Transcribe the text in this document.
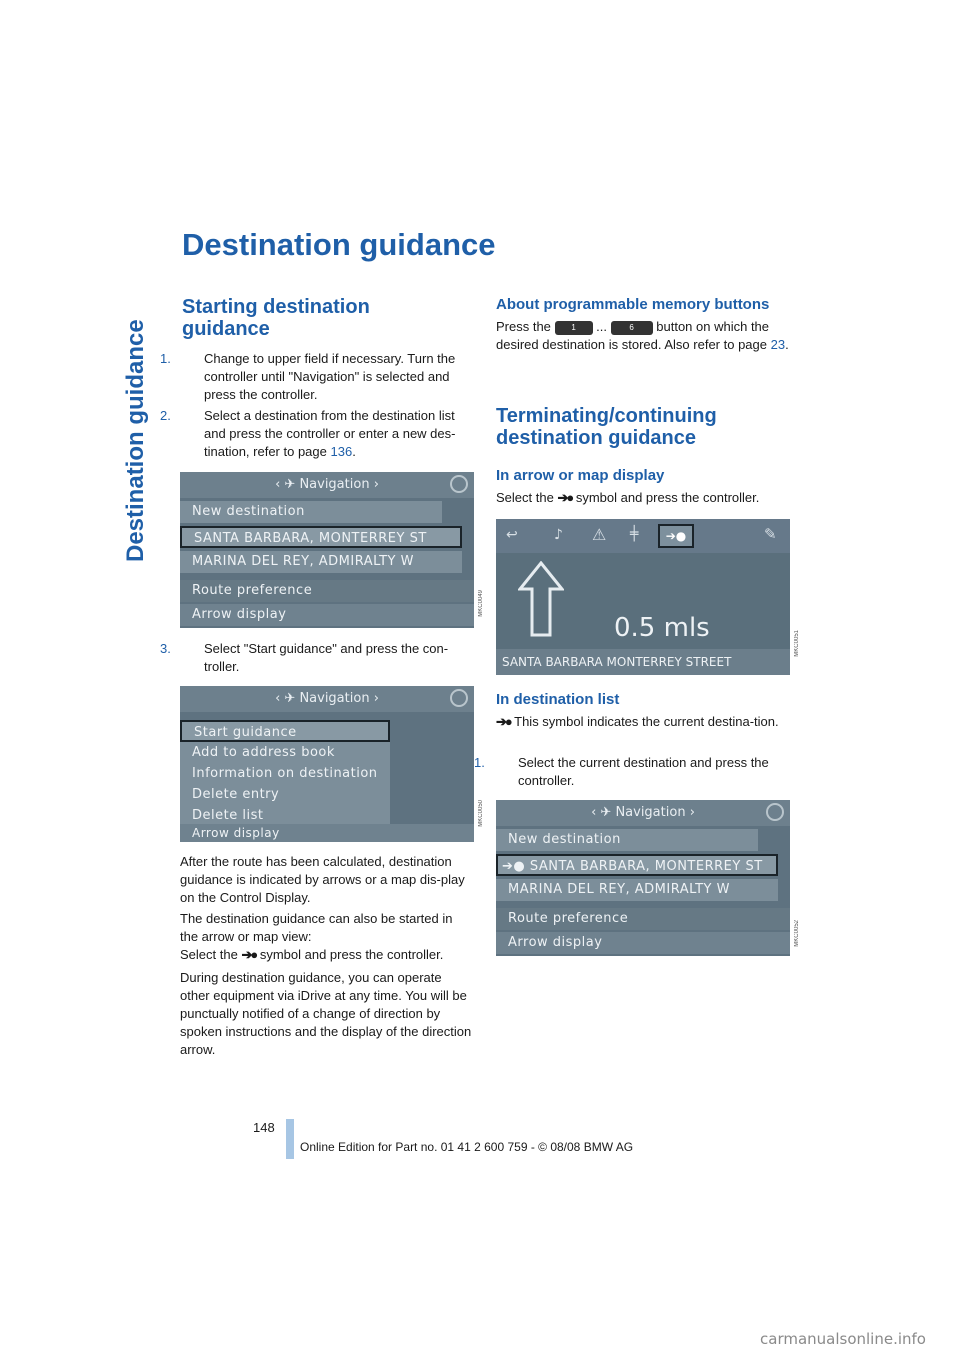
Destination guidance
Destination guidance
Starting destination guidance
1.	Change to upper field if necessary. Turn the controller until "Navigation" is selected and press the controller.
2.	Select a destination from the destination list and press the controller or enter a new des-tination, refer to page 136.
‹ ✈ Navigation ›
New destination
SANTA BARBARA, MONTERREY ST
MARINA DEL REY, ADMIRALTY W
Route preference
Arrow display	MKC0049
3.	Select "Start guidance" and press the con-troller.
‹ ✈ Navigation ›
Start guidance
Add to address book
Information on destination
Delete entry
Delete list
Arrow display
MKC0050
After the route has been calculated, destination guidance is indicated by arrows or a map dis-play on the Control Display.
The destination guidance can also be started in the arrow or map view:
Select the ➔● symbol and press the controller.
During destination guidance, you can operate other equipment via iDrive at any time. You will be punctually notified of a change of direction by spoken instructions and the display of the direction arrow.
About programmable memory buttons
Press the	1 ...	6 button on which the desired destination is stored. Also refer to page 23.
Terminating/continuing destination guidance
In arrow or map display
Select the ➔● symbol and press the controller.
↩	♪ ⚠ ╪	➔●	✎
0.5 mls
SANTA BARBARA MONTERREY STREET
MKC0051
In destination list
➔● This symbol indicates the current destina-tion.
1.	Select the current destination and press the controller.
‹ ✈ Navigation ›
New destination
➔● SANTA BARBARA, MONTERREY ST
MARINA DEL REY, ADMIRALTY W
Route preference
Arrow display	MKC0052
148
Online Edition for Part no. 01 41 2 600 759 - © 08/08 BMW AG
carmanualsonline.info
